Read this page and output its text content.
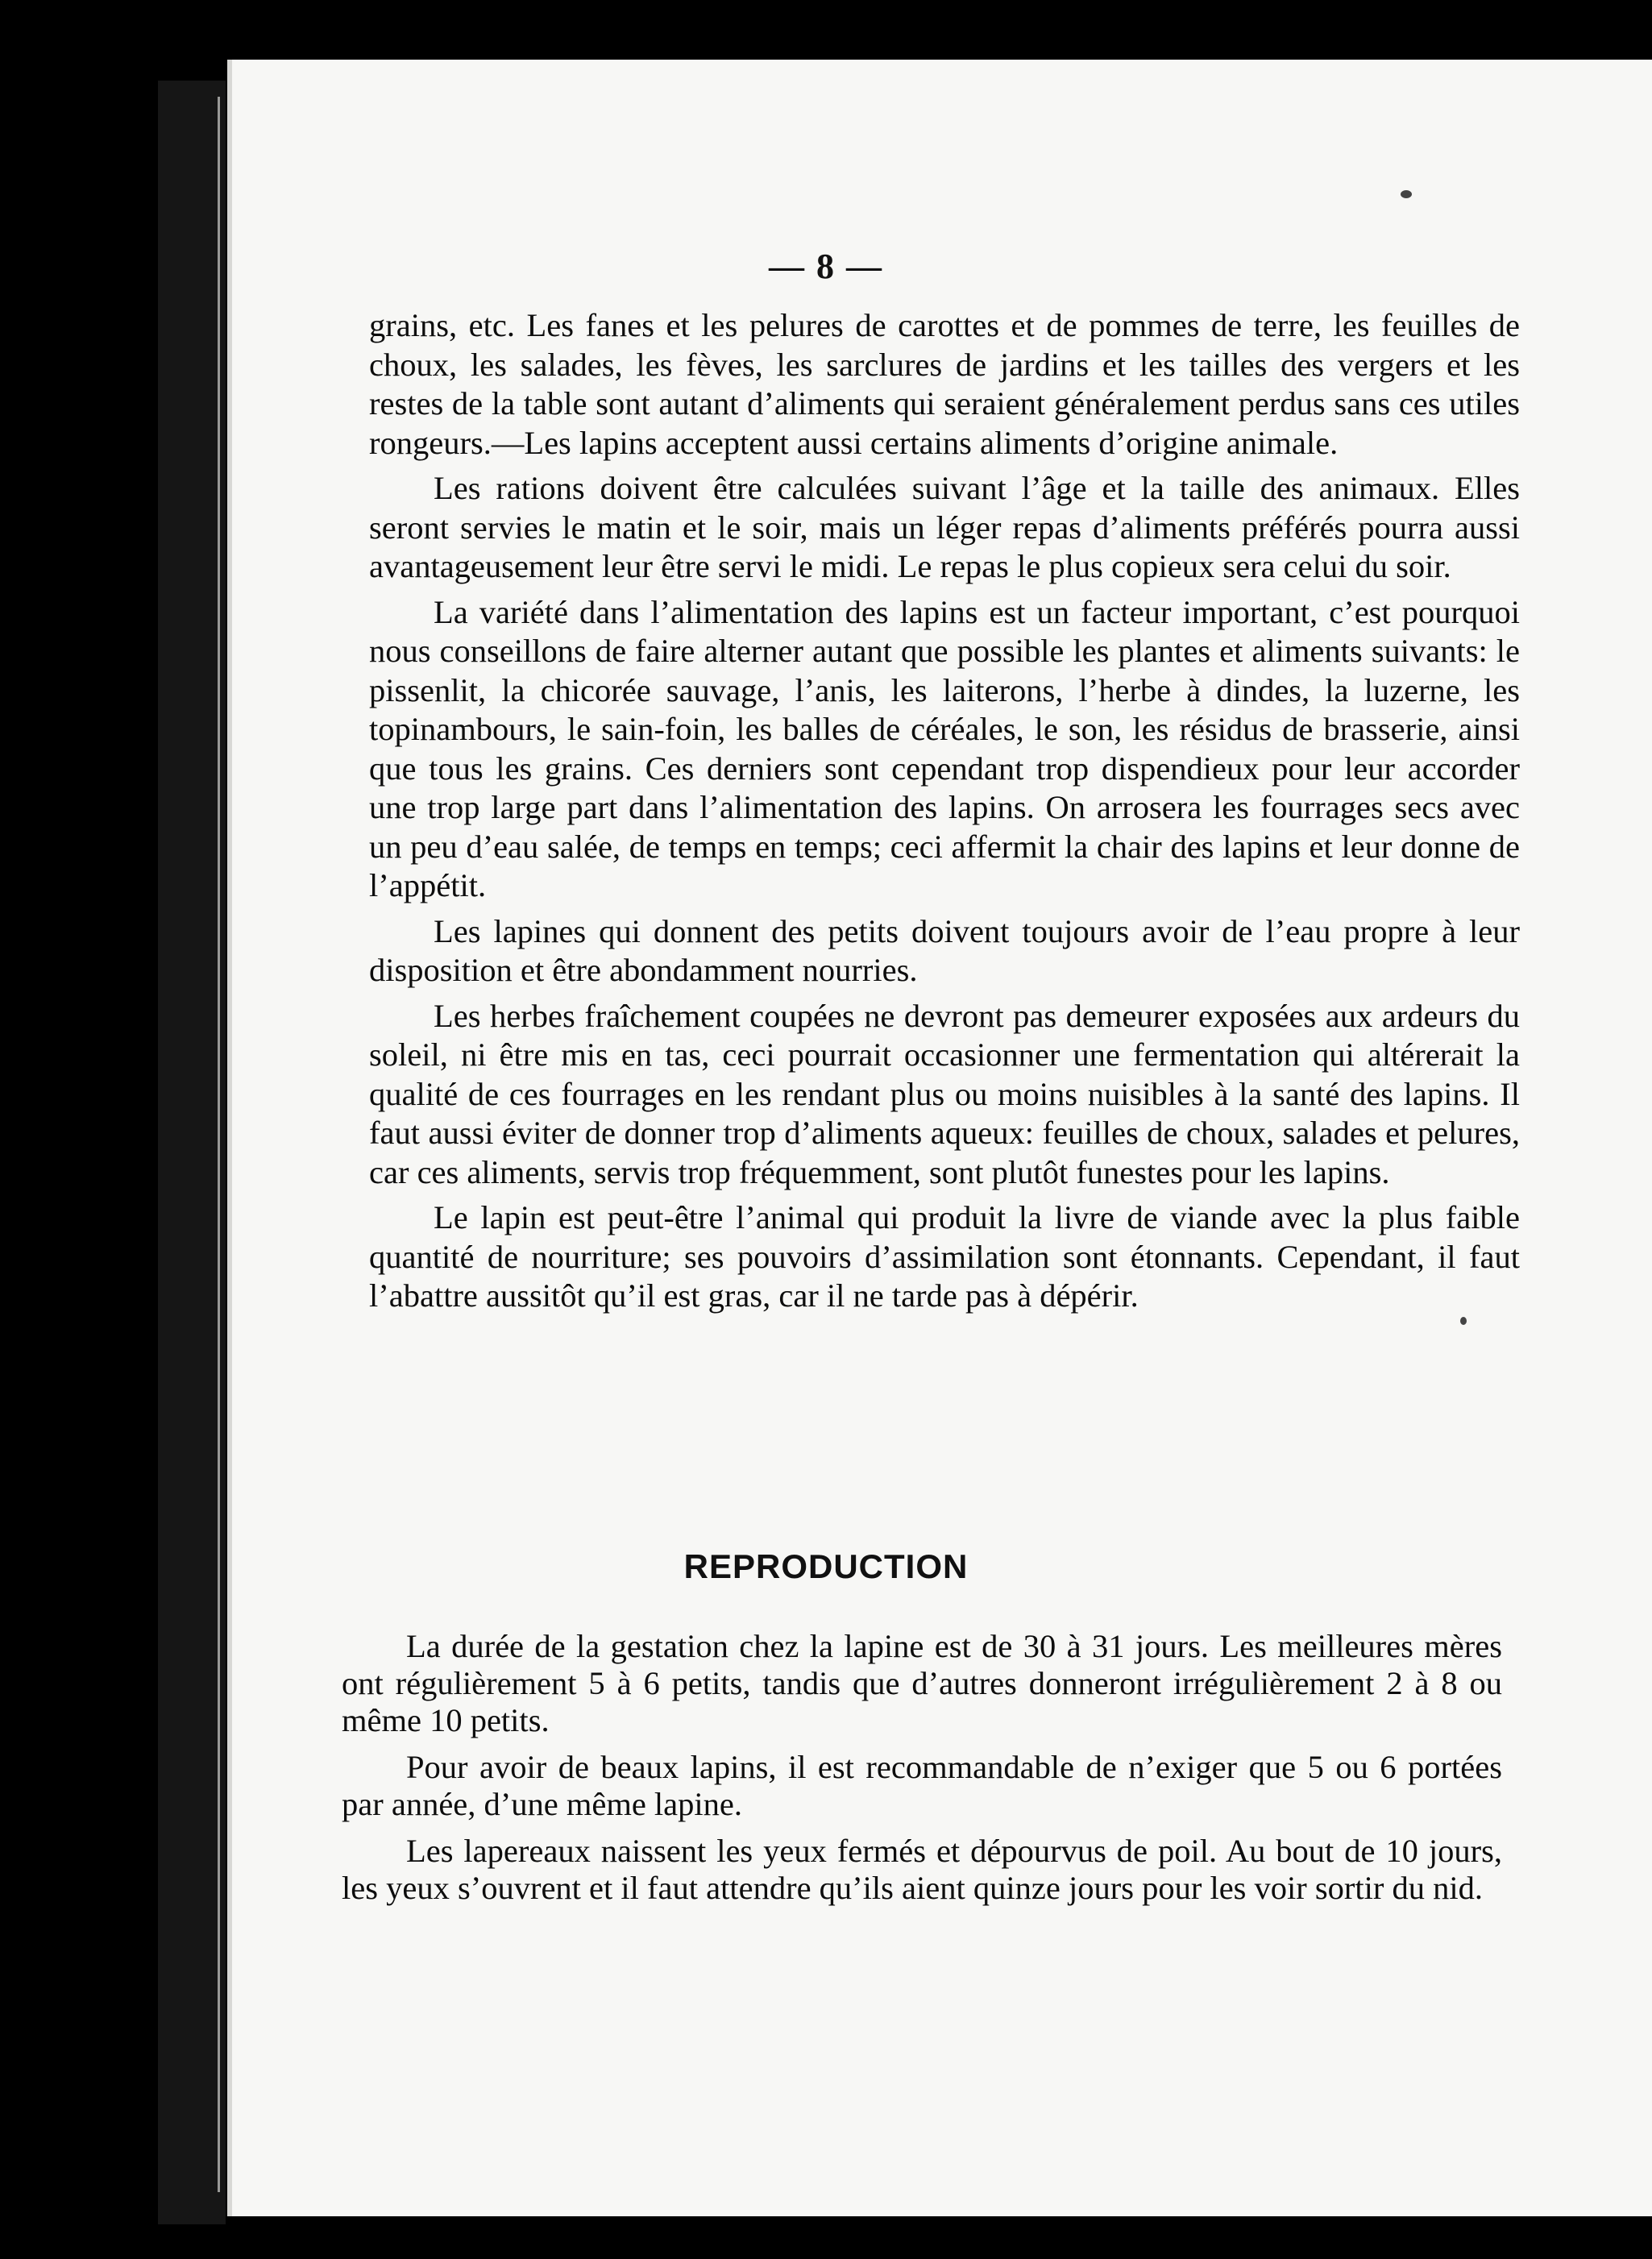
— 8 —

grains, etc. Les fanes et les pelures de carottes et de pommes de terre, les feuilles de choux, les salades, les fèves, les sarclures de jardins et les tailles des vergers et les restes de la table sont autant d’aliments qui seraient généralement perdus sans ces utiles rongeurs.—Les lapins acceptent aussi certains aliments d’origine animale.

Les rations doivent être calculées suivant l’âge et la taille des animaux. Elles seront servies le matin et le soir, mais un léger repas d’aliments préférés pourra aussi avantageusement leur être servi le midi. Le repas le plus copieux sera celui du soir.

La variété dans l’alimentation des lapins est un facteur important, c’est pourquoi nous conseillons de faire alterner autant que possible les plantes et aliments suivants: le pissenlit, la chicorée sauvage, l’anis, les laiterons, l’herbe à dindes, la luzerne, les topinambours, le sain-foin, les balles de céréales, le son, les résidus de brasserie, ainsi que tous les grains. Ces derniers sont cependant trop dispendieux pour leur accorder une trop large part dans l’alimentation des lapins. On arrosera les fourrages secs avec un peu d’eau salée, de temps en temps; ceci affermit la chair des lapins et leur donne de l’appétit.

Les lapines qui donnent des petits doivent toujours avoir de l’eau propre à leur disposition et être abondamment nourries.

Les herbes fraîchement coupées ne devront pas demeurer exposées aux ardeurs du soleil, ni être mis en tas, ceci pourrait occasionner une fermentation qui altérerait la qualité de ces fourrages en les rendant plus ou moins nuisibles à la santé des lapins. Il faut aussi éviter de donner trop d’aliments aqueux: feuilles de choux, salades et pelures, car ces aliments, servis trop fréquemment, sont plutôt funestes pour les lapins.

Le lapin est peut-être l’animal qui produit la livre de viande avec la plus faible quantité de nourriture; ses pouvoirs d’assimilation sont étonnants. Cependant, il faut l’abattre aussitôt qu’il est gras, car il ne tarde pas à dépérir.

REPRODUCTION

La durée de la gestation chez la lapine est de 30 à 31 jours. Les meilleures mères ont régulièrement 5 à 6 petits, tandis que d’autres donneront irrégulièrement 2 à 8 ou même 10 petits.

Pour avoir de beaux lapins, il est recommandable de n’exiger que 5 ou 6 portées par année, d’une même lapine.

Les lapereaux naissent les yeux fermés et dépourvus de poil. Au bout de 10 jours, les yeux s’ouvrent et il faut attendre qu’ils aient quinze jours pour les voir sortir du nid.
